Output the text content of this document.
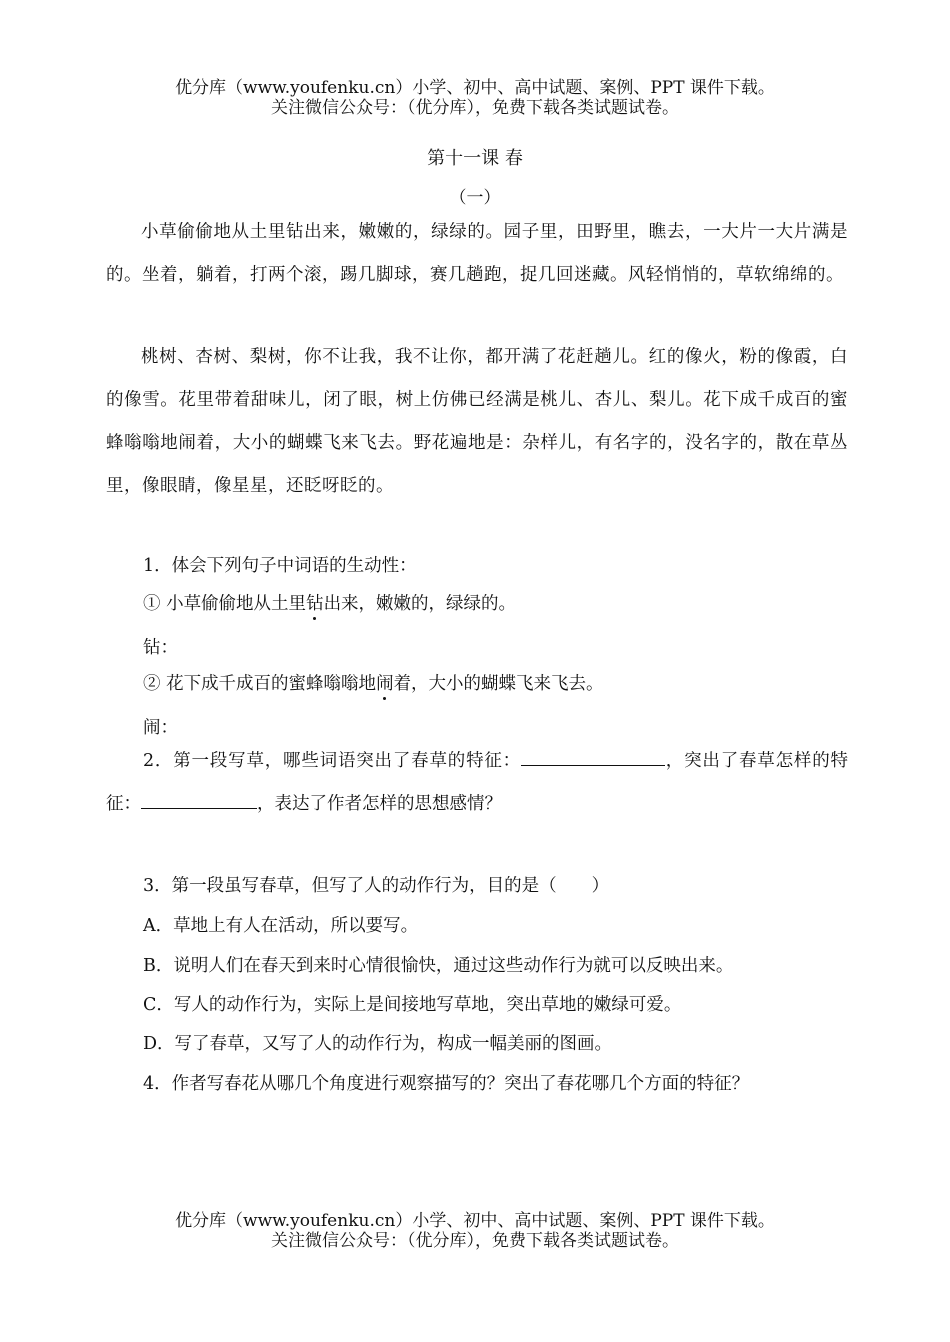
优分库（www.youfenku.cn）小学、初中、高中试题、案例、PPT 课件下载。
关注微信公众号：（优分库），免费下载各类试题试卷。
第十一课 春
（一）
小草偷偷地从土里钻出来，嫩嫩的，绿绿的。园子里，田野里，瞧去，一大片一大片满是的。坐着，躺着，打两个滚，踢几脚球，赛几趟跑，捉几回迷藏。风轻悄悄的，草软绵绵的。
桃树、杏树、梨树，你不让我，我不让你，都开满了花赶趟儿。红的像火，粉的像霞，白的像雪。花里带着甜味儿，闭了眼，树上仿佛已经满是桃儿、杏儿、梨儿。花下成千成百的蜜蜂嗡嗡地闹着，大小的蝴蝶飞来飞去。野花遍地是：杂样儿，有名字的，没名字的，散在草丛里，像眼睛，像星星，还眨呀眨的。
1．体会下列句子中词语的生动性：
① 小草偷偷地从土里钻出来，嫩嫩的，绿绿的。
钻：
② 花下成千成百的蜜蜂嗡嗡地闹着，大小的蝴蝶飞来飞去。
闹：
2．第一段写草，哪些词语突出了春草的特征：	，突出了春草怎样的特征：	，表达了作者怎样的思想感情？
3．第一段虽写春草，但写了人的动作行为，目的是（　　）
A．草地上有人在活动，所以要写。
B．说明人们在春天到来时心情很愉快，通过这些动作行为就可以反映出来。
C．写人的动作行为，实际上是间接地写草地，突出草地的嫩绿可爱。
D．写了春草，又写了人的动作行为，构成一幅美丽的图画。
4．作者写春花从哪几个角度进行观察描写的？突出了春花哪几个方面的特征？
优分库（www.youfenku.cn）小学、初中、高中试题、案例、PPT 课件下载。
关注微信公众号：（优分库），免费下载各类试题试卷。
